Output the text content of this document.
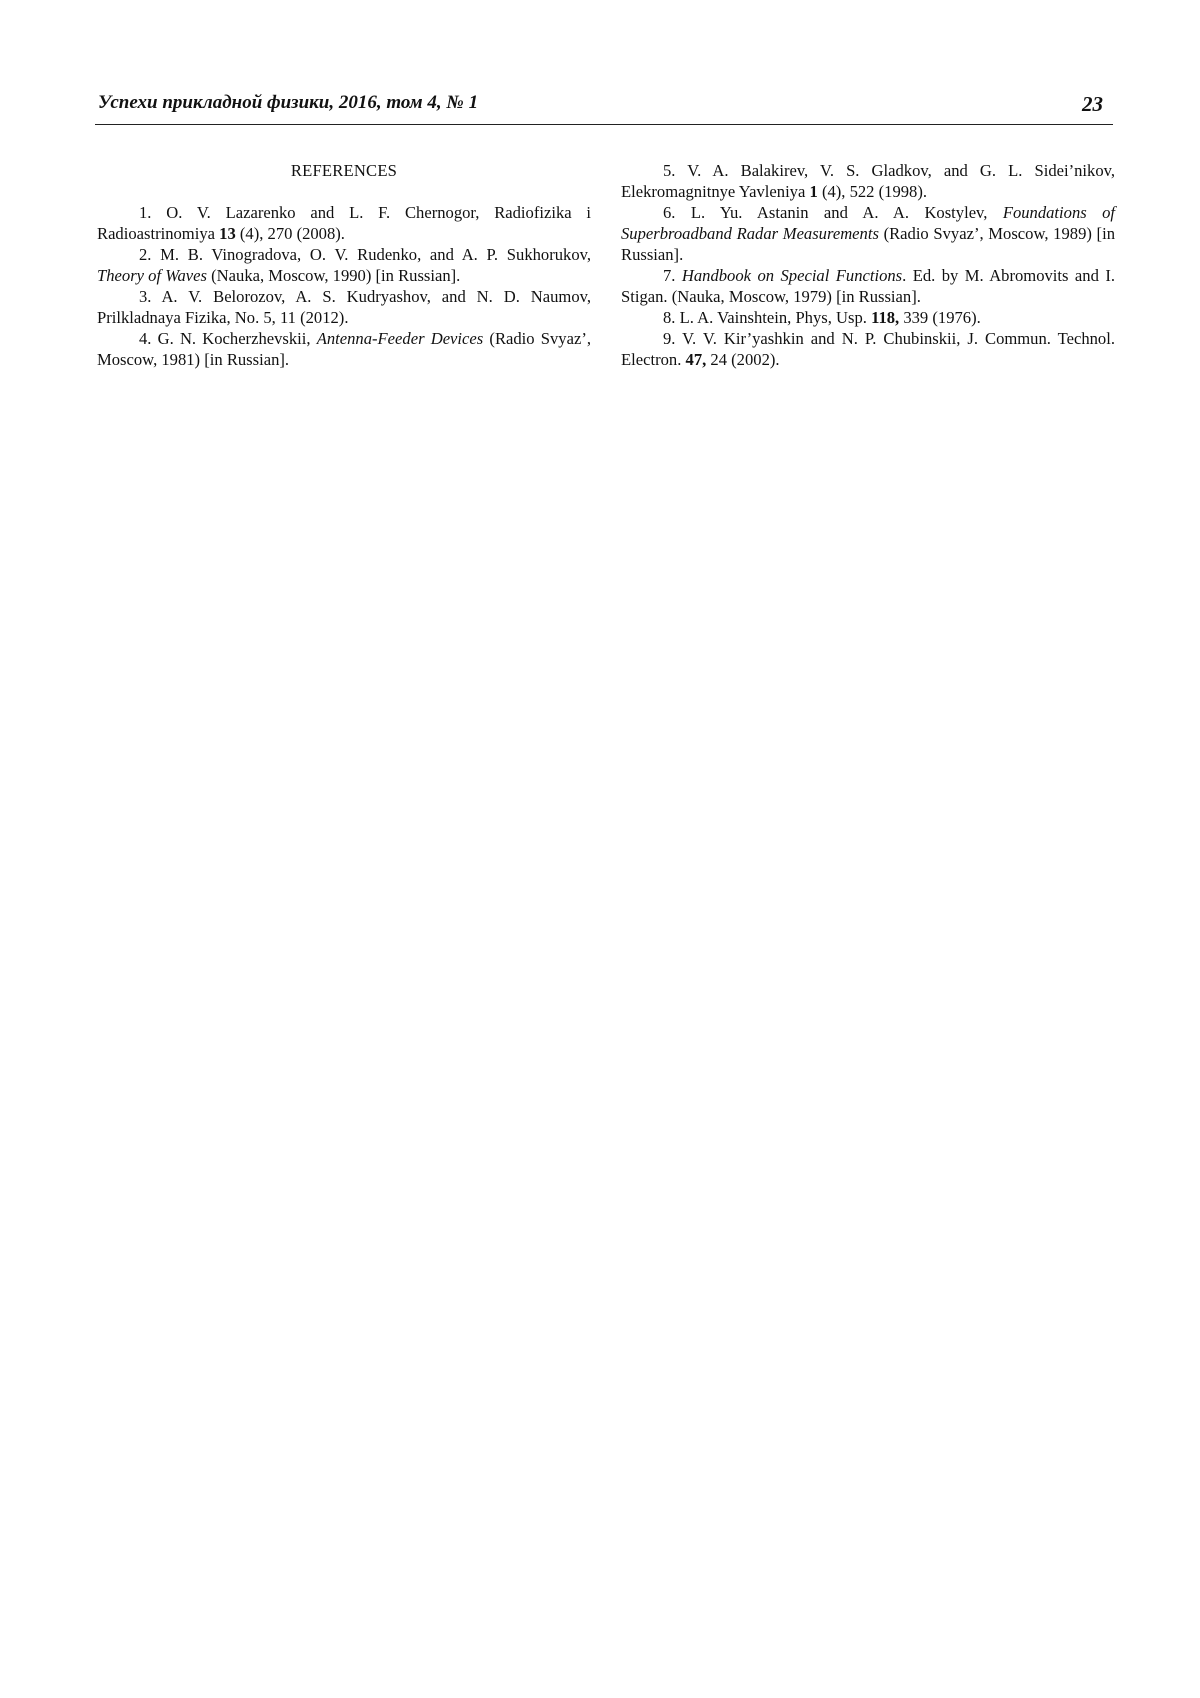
Успехи прикладной физики, 2016, том 4, № 1	23
REFERENCES

1. O. V. Lazarenko and L. F. Chernogor, Radiofizika i Radioastrinomiya 13 (4), 270 (2008).

2. M. B. Vinogradova, O. V. Rudenko, and A. P. Sukhorukov, Theory of Waves (Nauka, Moscow, 1990) [in Russian].

3. A. V. Belorozov, A. S. Kudryashov, and N. D. Naumov, Prilkladnaya Fizika, No. 5, 11 (2012).

4. G. N. Kocherzhevskii, Antenna-Feeder Devices (Radio Svyaz’, Moscow, 1981) [in Russian].

5. V. A. Balakirev, V. S. Gladkov, and G. L. Sidei’nikov, Elekromagnitnye Yavleniya 1 (4), 522 (1998).

6. L. Yu. Astanin and A. A. Kostylev, Foundations of Superbroadband Radar Measurements (Radio Svyaz’, Moscow, 1989) [in Russian].

7. Handbook on Special Functions. Ed. by M. Abromovits and I. Stigan. (Nauka, Moscow, 1979) [in Russian].

8. L. A. Vainshtein, Phys, Usp. 118, 339 (1976).

9. V. V. Kir’yashkin and N. P. Chubinskii, J. Commun. Technol. Electron. 47, 24 (2002).
